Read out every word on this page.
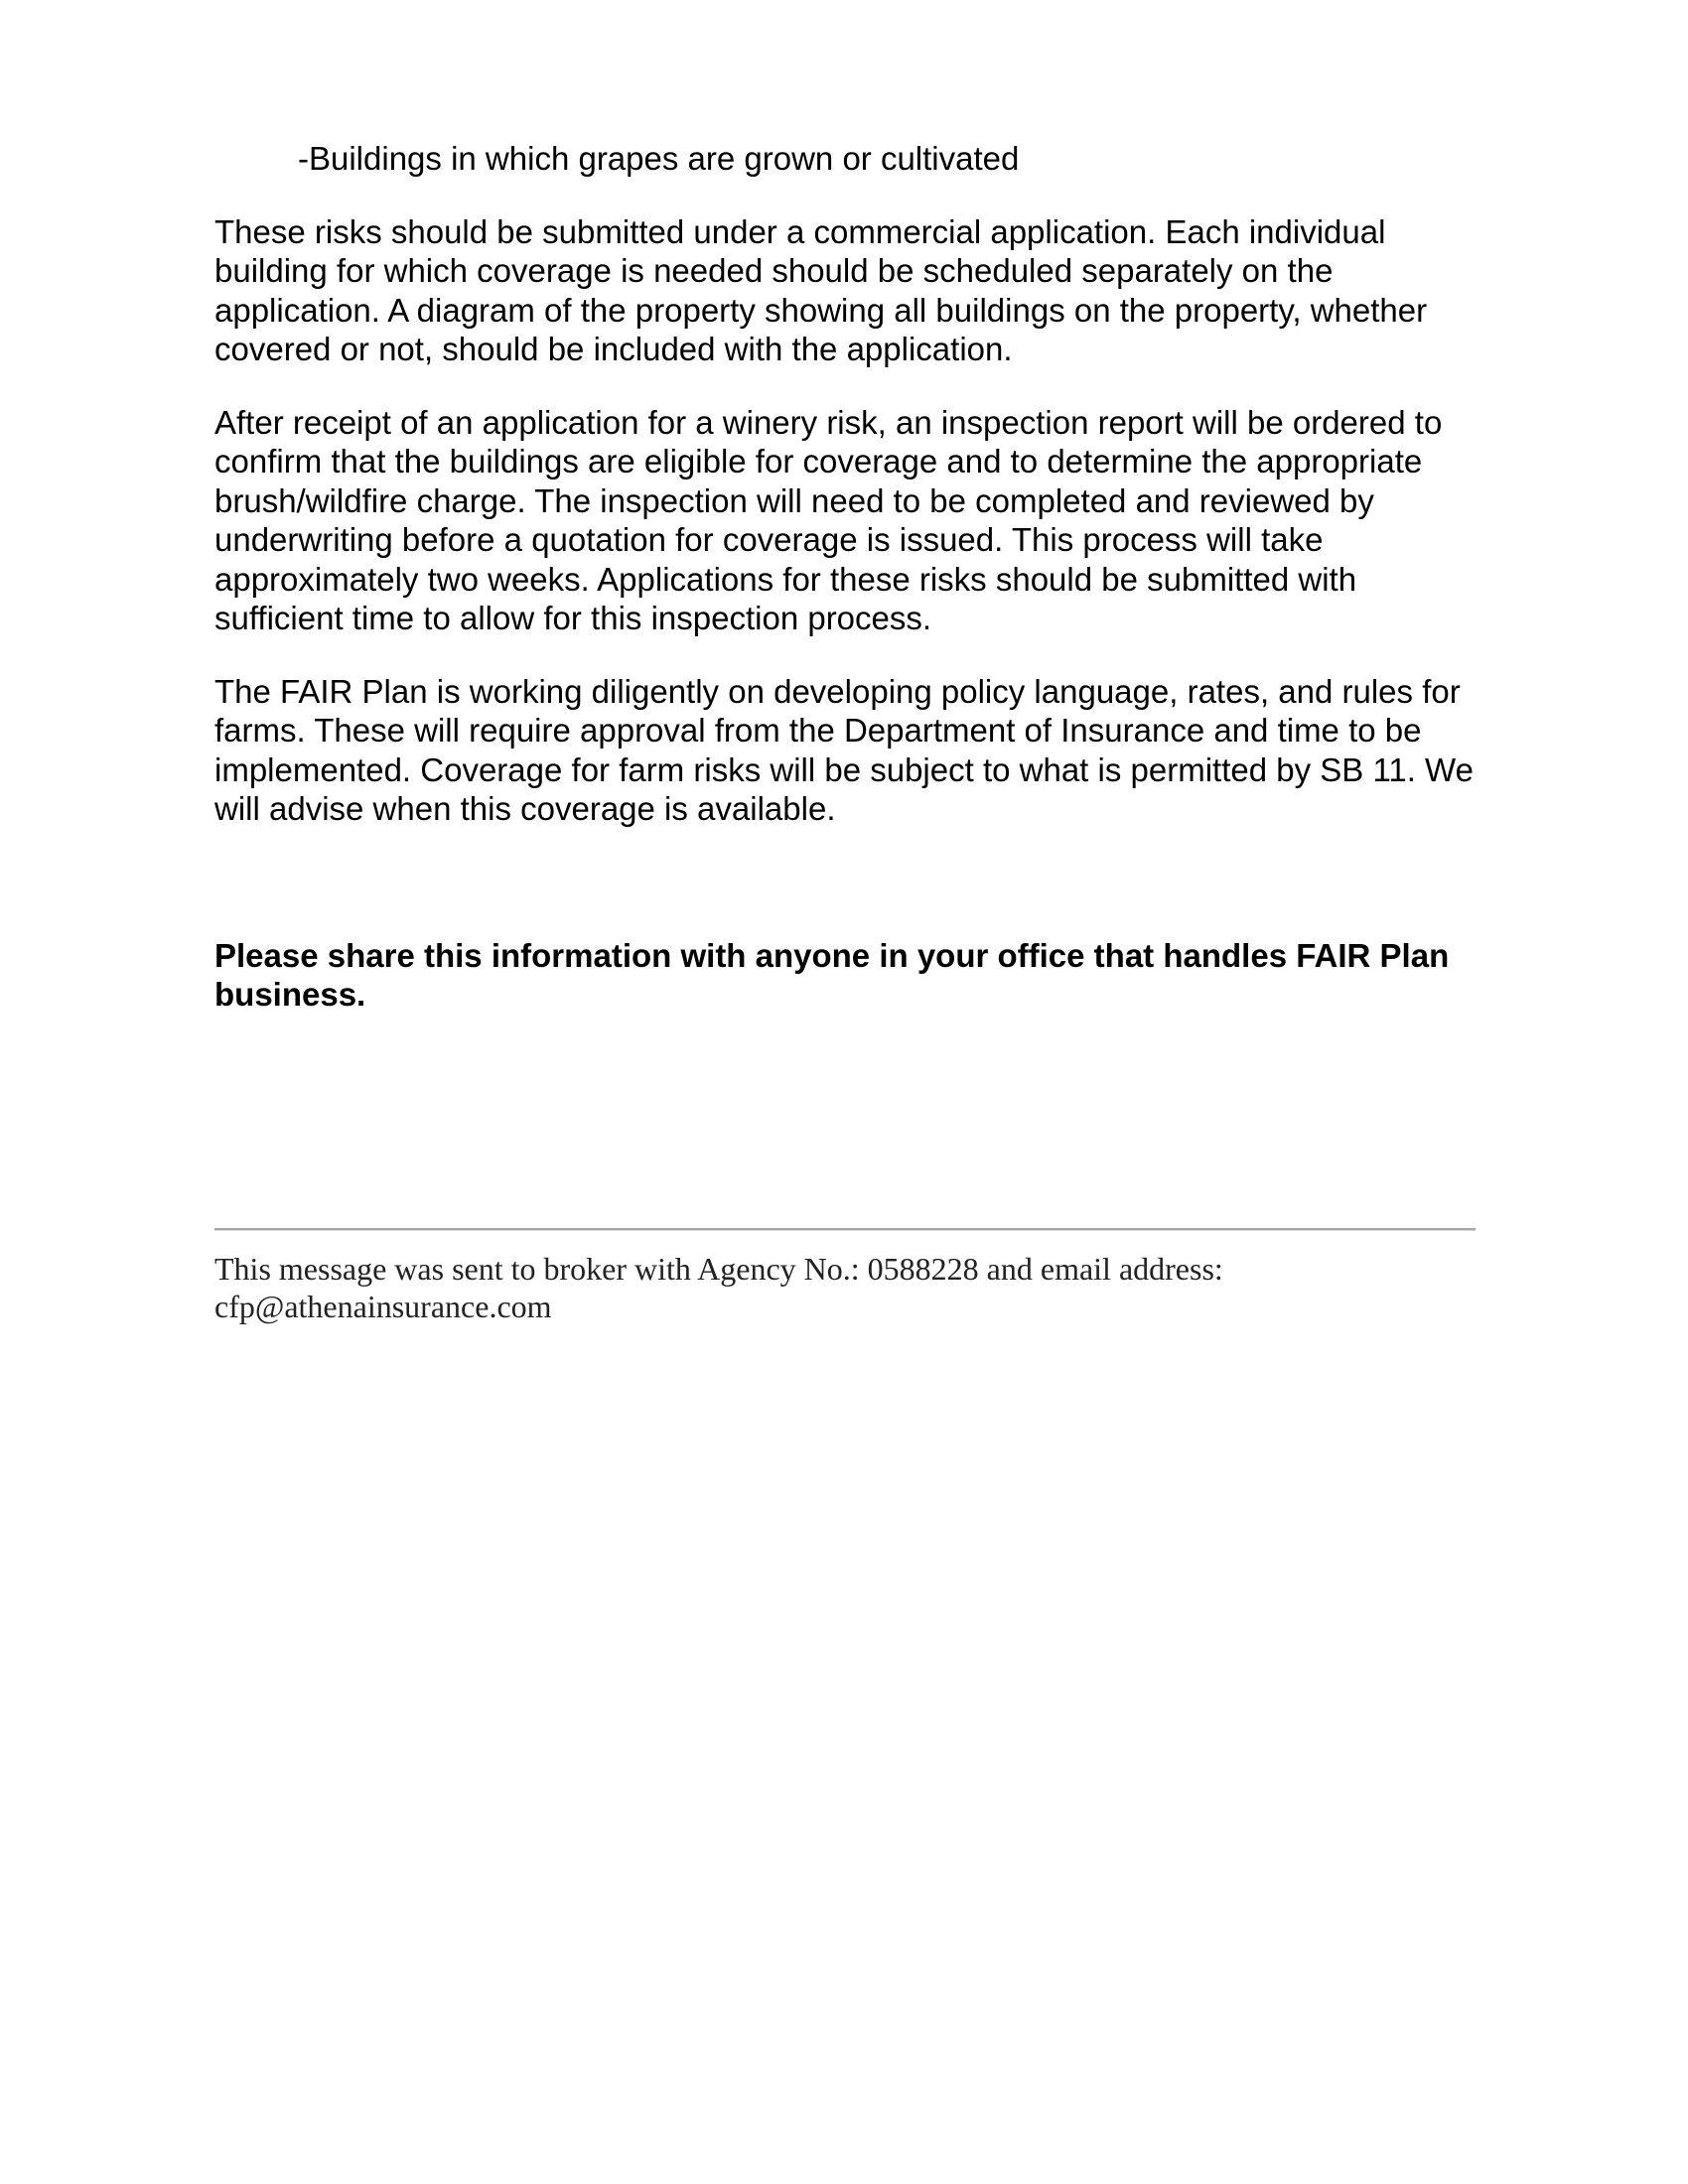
-Buildings in which grapes are grown or cultivated

These risks should be submitted under a commercial application. Each individual building for which coverage is needed should be scheduled separately on the application. A diagram of the property showing all buildings on the property, whether covered or not, should be included with the application.

After receipt of an application for a winery risk, an inspection report will be ordered to confirm that the buildings are eligible for coverage and to determine the appropriate brush/wildfire charge. The inspection will need to be completed and reviewed by underwriting before a quotation for coverage is issued. This process will take approximately two weeks. Applications for these risks should be submitted with sufficient time to allow for this inspection process.

The FAIR Plan is working diligently on developing policy language, rates, and rules for farms. These will require approval from the Department of Insurance and time to be implemented. Coverage for farm risks will be subject to what is permitted by SB 11. We will advise when this coverage is available.

Please share this information with anyone in your office that handles FAIR Plan business.

This message was sent to broker with Agency No.: 0588228 and email address:
cfp@athenainsurance.com
